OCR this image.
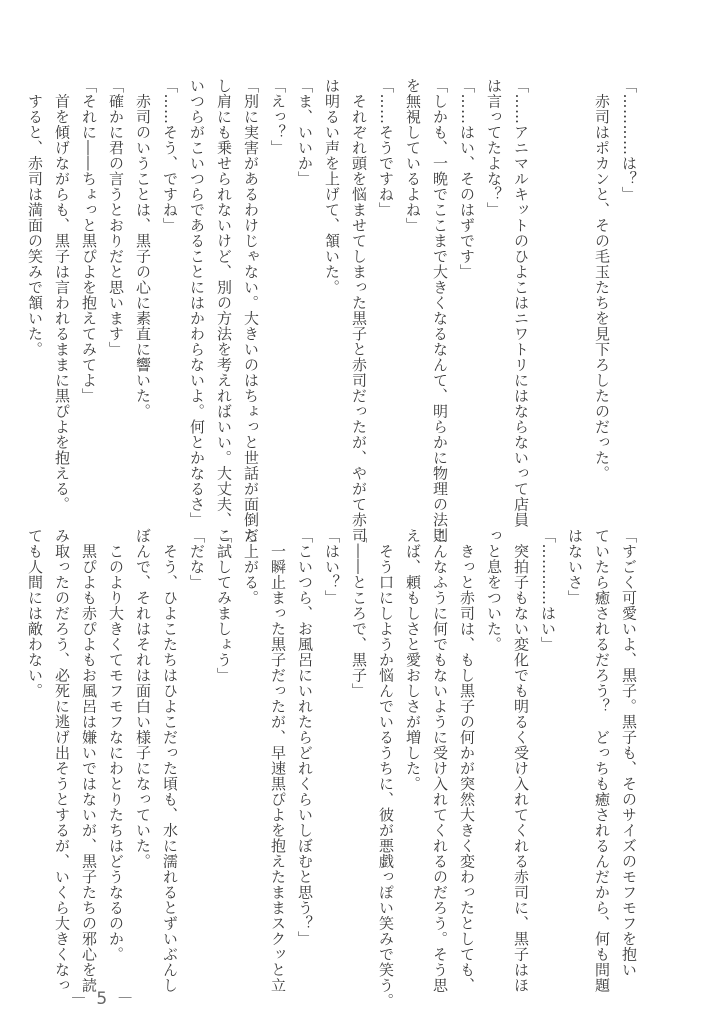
「…………は？」
　赤司はポカンと、その毛玉たちを見下ろしたのだった。

「……アニマルキットのひよこはニワトリにはならないって店員
は言ってたよな？」
「……はい、そのはずです」
「しかも、一晩でここまで大きくなるなんて、明らかに物理の法則
を無視しているよね」
「……そうですね」
　それぞれ頭を悩ませてしまった黒子と赤司だったが、やがて赤司
は明るい声を上げて、頷いた。
「ま、いいか」
「えっ？」
「別に実害があるわけじゃない。大きいのはちょっと世話が面倒だ
し肩にも乗せられないけど、別の方法を考えればいい。大丈夫、こ
いつらがこいつらであることにはかわらないよ。何とかなるさ」
「……そう、ですね」
　赤司のいうことは、黒子の心に素直に響いた。
「確かに君の言うとおりだと思います」
「それに――ちょっと黒ぴよを抱えてみてよ」
　首を傾げながらも、黒子は言われるままに黒ぴよを抱える。
　すると、赤司は満面の笑みで頷いた。
「すごく可愛いよ、黒子。黒子も、そのサイズのモフモフを抱い
ていたら癒されるだろう？　どっちも癒されるんだから、何も問題
はないさ」
「…………はい」
　突拍子もない変化でも明るく受け入れてくれる赤司に、黒子はほ
っと息をついた。
　きっと赤司は、もし黒子の何かが突然大きく変わったとしても、
こんなふうに何でもないように受け入れてくれるのだろう。そう思
えば、頼もしさと愛おしさが増した。
　そう口にしようか悩んでいるうちに、彼が悪戯っぽい笑みで笑う。
「――ところで、黒子」
「はい？」
「こいつら、お風呂にいれたらどれくらいしぼむと思う？」
　一瞬止まった黒子だったが、早速黒ぴよを抱えたままスクッと立
ち上がる。
「試してみましょう」
「だな」
　そう、ひよこたちはひよこだった頃も、水に濡れるとずいぶんし
ぼんで、それはそれは面白い様子になっていた。
　このより大きくてモフモフなにわとりたちはどうなるのか。
　黒ぴよも赤ぴよもお風呂は嫌いではないが、黒子たちの邪心を読
み取ったのだろう、必死に逃げ出そうとするが、いくら大きくなっ
ても人間には敵わない。
－ 5 －
